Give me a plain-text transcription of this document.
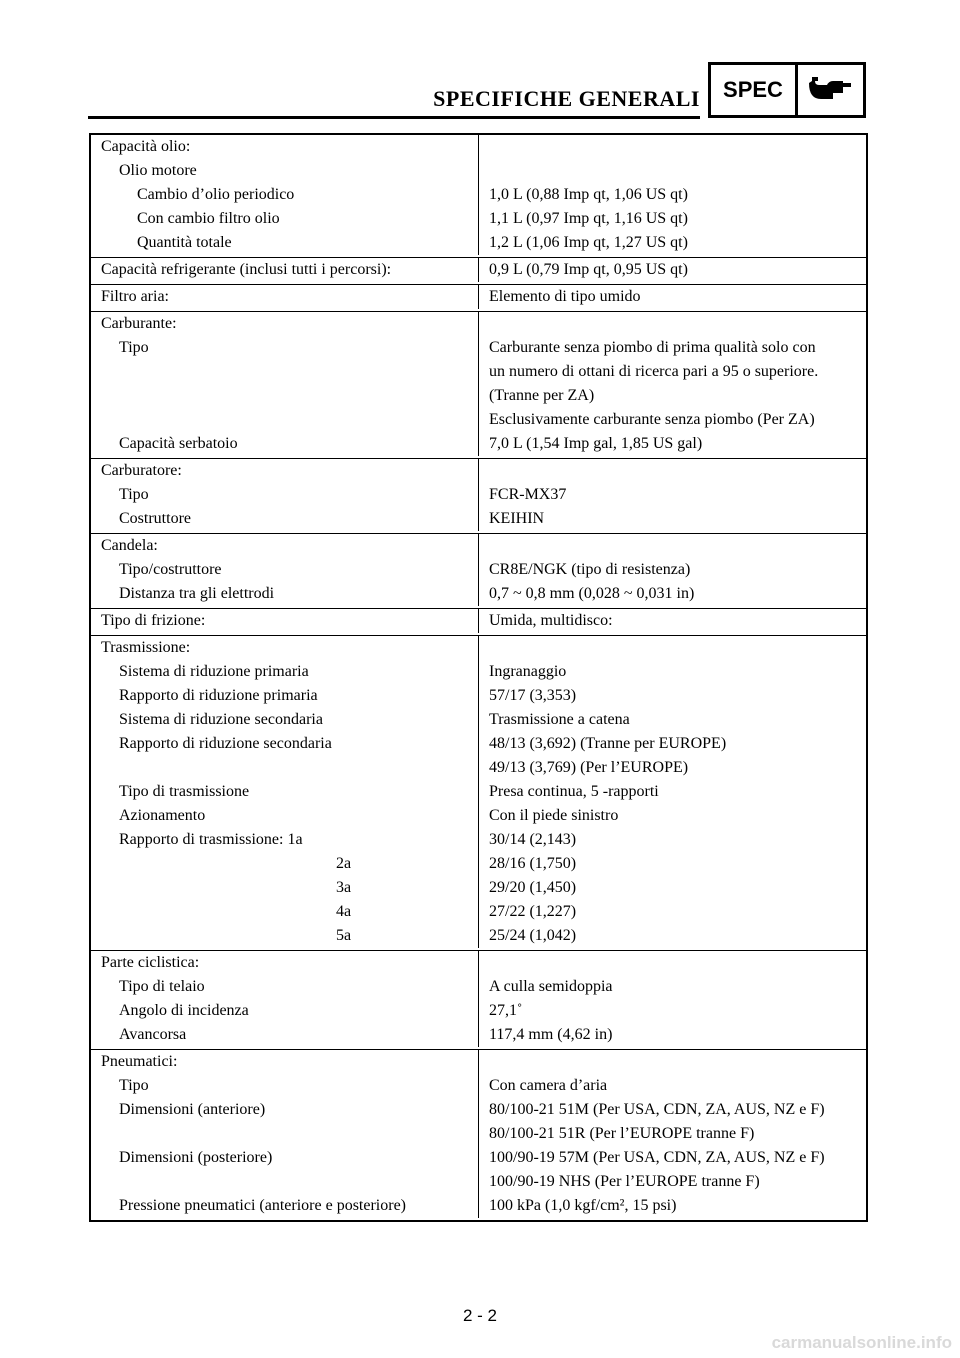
SPECIFICHE GENERALI	SPEC
Capacità olio:
Olio motore
Cambio d’olio periodico	1,0 L (0,88 Imp qt, 1,06 US qt)
Con cambio filtro olio	1,1 L (0,97 Imp qt, 1,16 US qt)
Quantità totale	1,2 L (1,06 Imp qt, 1,27 US qt)
Capacità refrigerante (inclusi tutti i percorsi):	0,9 L (0,79 Imp qt, 0,95 US qt)
Filtro aria:	Elemento di tipo umido
Carburante:
Tipo	Carburante senza piombo di prima qualità solo con
un numero di ottani di ricerca pari a 95 o superiore.
(Tranne per ZA)
Esclusivamente carburante senza piombo (Per ZA)
Capacità serbatoio	7,0 L (1,54 Imp gal, 1,85 US gal)
Carburatore:
Tipo	FCR-MX37
Costruttore	KEIHIN
Candela:
Tipo/costruttore	CR8E/NGK (tipo di resistenza)
Distanza tra gli elettrodi	0,7 ~ 0,8 mm (0,028 ~ 0,031 in)
Tipo di frizione:	Umida, multidisco:
Trasmissione:
Sistema di riduzione primaria	Ingranaggio
Rapporto di riduzione primaria	57/17 (3,353)
Sistema di riduzione secondaria	Trasmissione a catena
Rapporto di riduzione secondaria	48/13 (3,692) (Tranne per EUROPE)
49/13 (3,769) (Per l’EUROPE)
Tipo di trasmissione	Presa continua, 5 -rapporti
Azionamento	Con il piede sinistro
Rapporto di trasmissione: 1a	30/14 (2,143)
2a	28/16 (1,750)
3a	29/20 (1,450)
4a	27/22 (1,227)
5a	25/24 (1,042)
Parte ciclistica:
Tipo di telaio	A culla semidoppia
Angolo di incidenza	27,1˚
Avancorsa	117,4 mm (4,62 in)
Pneumatici:
Tipo	Con camera d’aria
Dimensioni (anteriore)	80/100-21 51M (Per USA, CDN, ZA, AUS, NZ e F)
80/100-21 51R (Per l’EUROPE tranne F)
Dimensioni (posteriore)	100/90-19 57M (Per USA, CDN, ZA, AUS, NZ e F)
100/90-19 NHS (Per l’EUROPE tranne F)
Pressione pneumatici (anteriore e posteriore)	100 kPa (1,0 kgf/cm², 15 psi)
2 - 2
carmanualsonline.info
